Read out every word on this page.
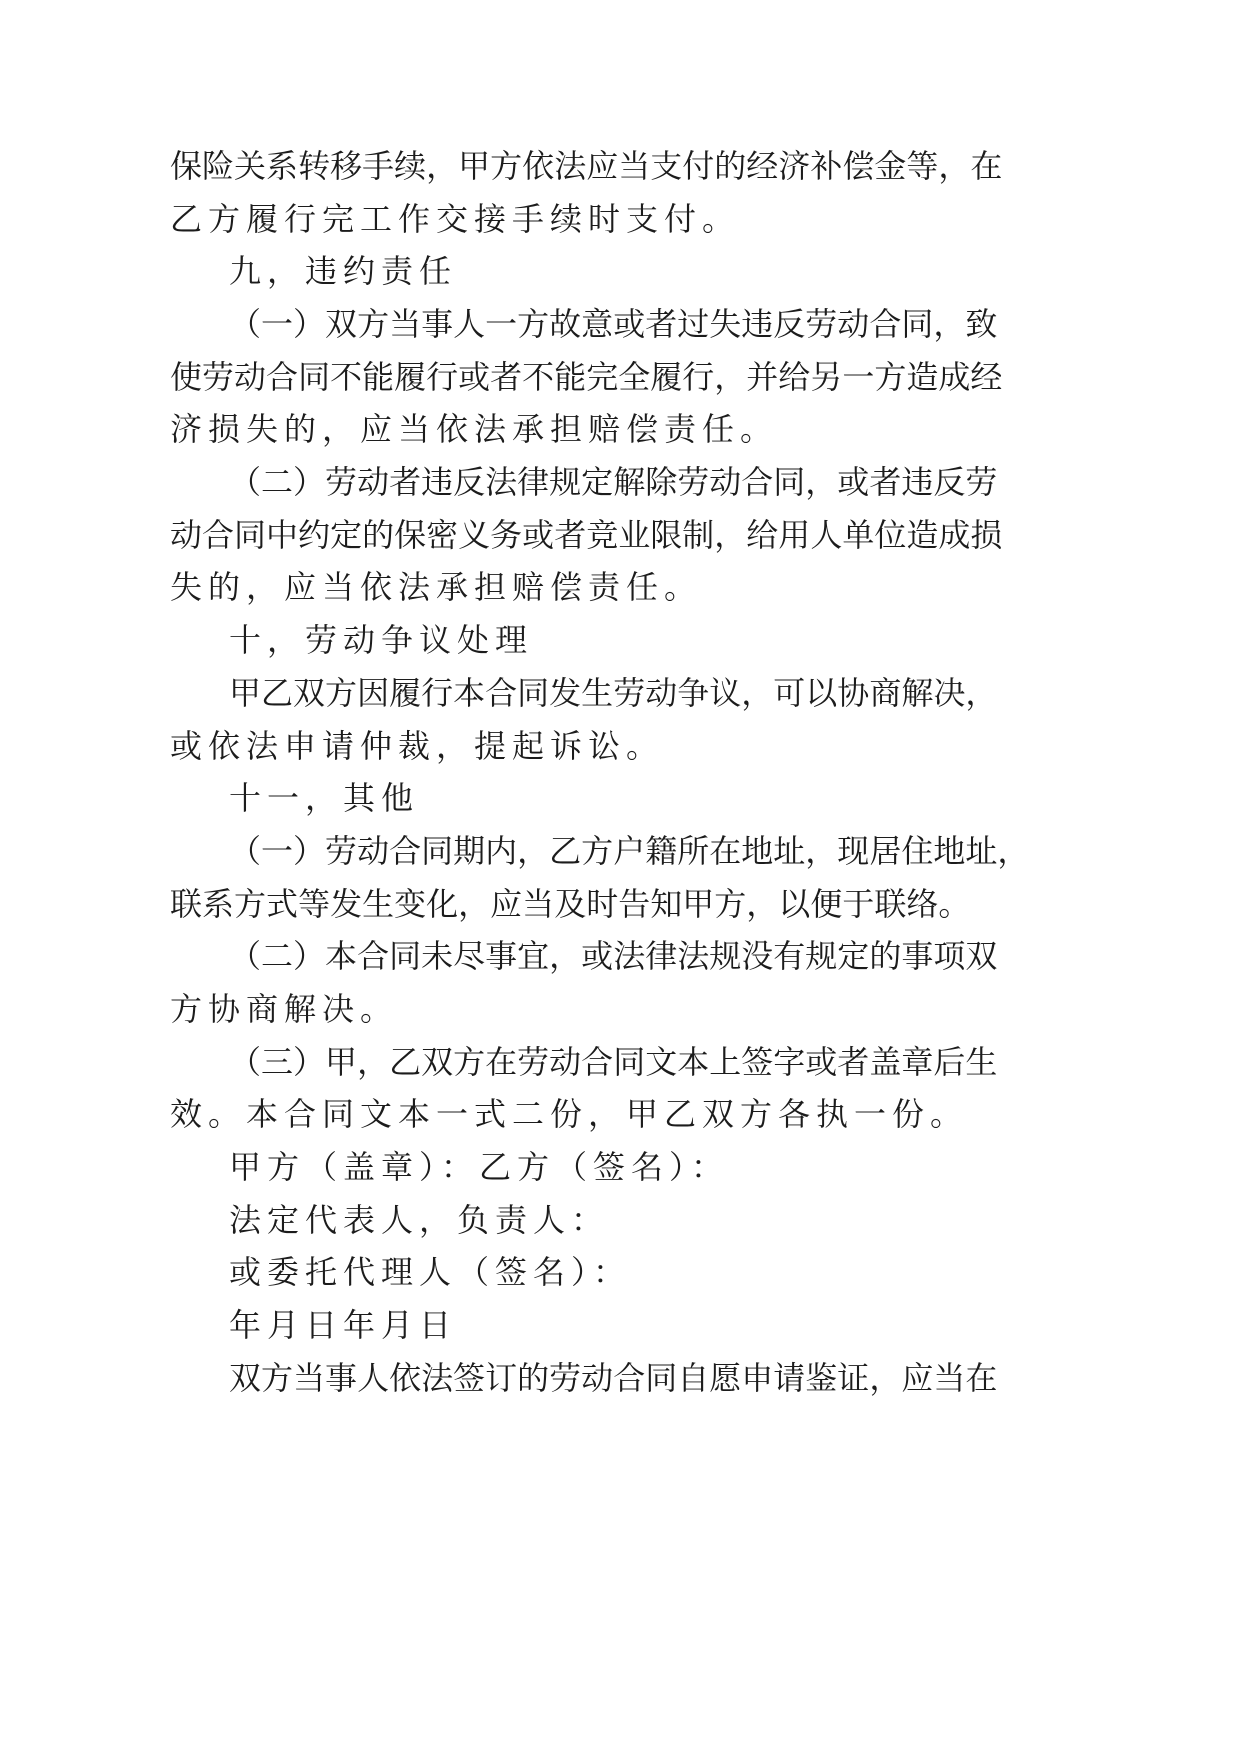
保 险 关 系 转 移 手 续 ， 甲 方 依 法 应 当 支 付 的 经 济 补 偿 金 等 ， 在
乙方履行完工作交接手续时支付。
九，违约责任
（ 一 ） 双 方 当 事 人 一 方 故 意 或 者 过 失 违 反 劳 动 合 同 ， 致
使 劳 动 合 同 不 能 履 行 或 者 不 能 完 全 履 行 ， 并 给 另 一 方 造 成 经
济损失的，应当依法承担赔偿责任。
（ 二 ） 劳 动 者 违 反 法 律 规 定 解 除 劳 动 合 同 ， 或 者 违 反 劳
动 合 同 中 约 定 的 保 密 义 务 或 者 竞 业 限 制 ， 给 用 人 单 位 造 成 损
失的，应当依法承担赔偿责任。
十，劳动争议处理
甲 乙 双 方 因 履 行 本 合 同 发 生 劳 动 争 议 ， 可 以 协 商 解 决 ，
或依法申请仲裁，提起诉讼。
十一，其他
（ 一 ） 劳 动 合 同 期 内 ， 乙 方 户 籍 所 在 地 址 ， 现 居 住 地 址 ，
联 系 方 式 等 发 生 变 化 ， 应 当 及 时 告 知 甲 方 ， 以 便 于 联 络 。
（ 二 ） 本 合 同 未 尽 事 宜 ， 或 法 律 法 规 没 有 规 定 的 事 项 双
方协商解决。
（ 三 ） 甲 ， 乙 双 方 在 劳 动 合 同 文 本 上 签 字 或 者 盖 章 后 生
效。本合同文本一式二份，甲乙双方各执一份。
甲方（盖章）：乙方（签名）：
法定代表人，负责人：
或委托代理人（签名）：
年月日年月日
双 方 当 事 人 依 法 签 订 的 劳 动 合 同 自 愿 申 请 鉴 证 ， 应 当 在
